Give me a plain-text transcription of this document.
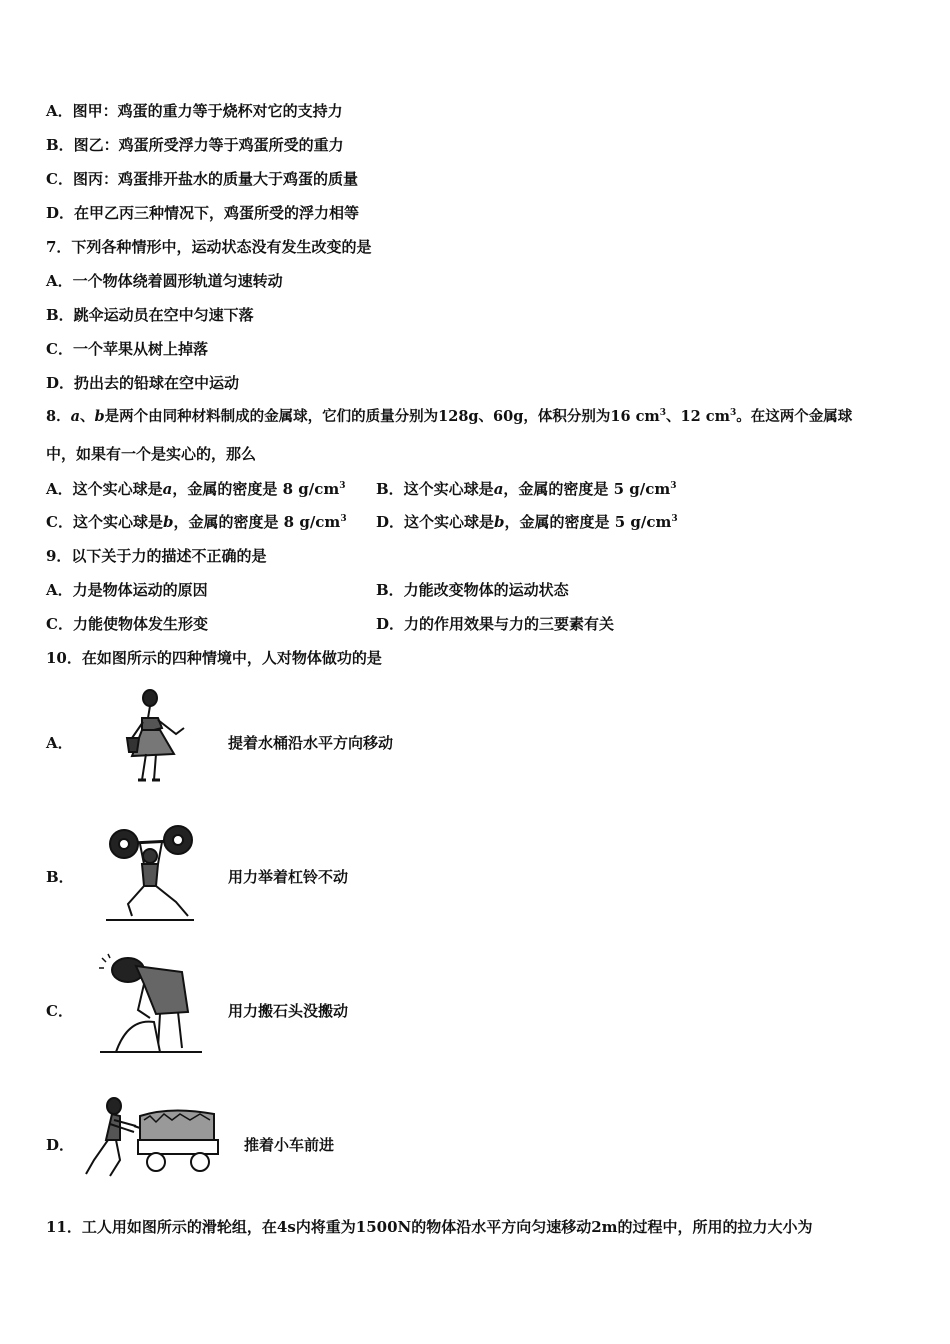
A．图甲：鸡蛋的重力等于烧杯对它的支持力
B．图乙：鸡蛋所受浮力等于鸡蛋所受的重力
C．图丙：鸡蛋排开盐水的质量大于鸡蛋的质量
D．在甲乙丙三种情况下，鸡蛋所受的浮力相等
7．下列各种情形中，运动状态没有发生改变的是
A．一个物体绕着圆形轨道匀速转动
B．跳伞运动员在空中匀速下落
C．一个苹果从树上掉落
D．扔出去的铅球在空中运动
8．a、b是两个由同种材料制成的金属球，它们的质量分别为128g、60g，体积分别为16 $cm^3$、12 $cm^3$。在这两个金属球
中，如果有一个是实心的，那么
A．这个实心球是a，金属的密度是 8 $g/cm^3$ B．这个实心球是a，金属的密度是 5 $g/cm^3$
C．这个实心球是b，金属的密度是 8 $g/cm^3$ D．这个实心球是b，金属的密度是 5 $g/cm^3$
9．以下关于力的描述不正确的是
A．力是物体运动的原因	B．力能改变物体的运动状态
C．力能使物体发生形变	D．力的作用效果与力的三要素有关
10．在如图所示的四种情境中，人对物体做功的是
A．	提着水桶沿水平方向移动
B．	用力举着杠铃不动
C．	用力搬石头没搬动
D．	推着小车前进
11．工人用如图所示的滑轮组，在4s内将重为1500N的物体沿水平方向匀速移动2m的过程中，所用的拉力大小为
